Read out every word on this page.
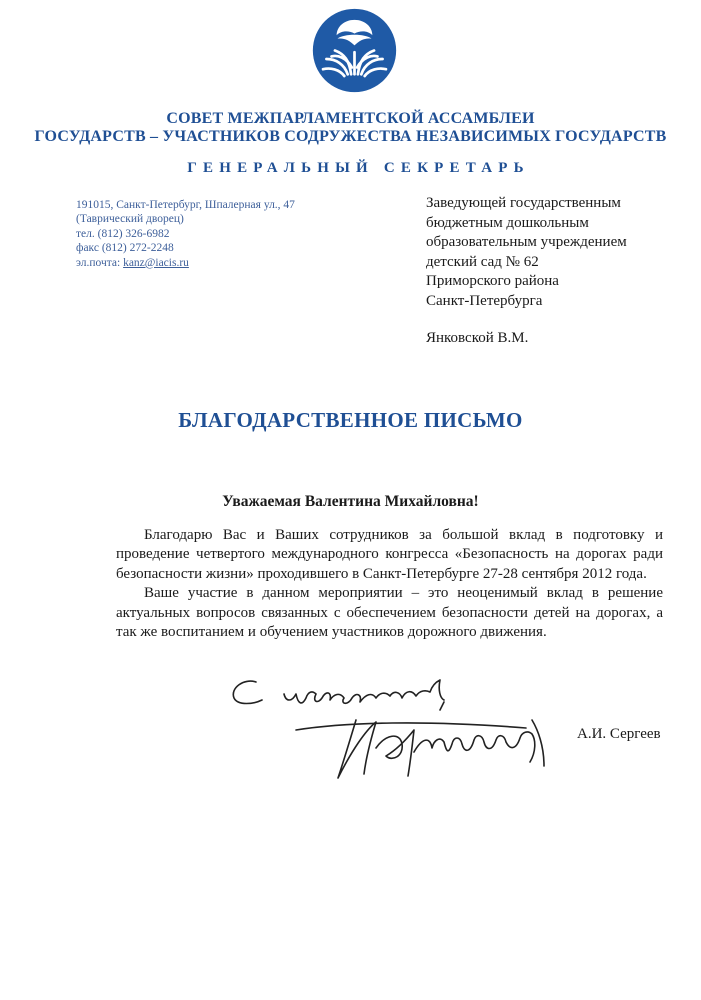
СОВЕТ МЕЖПАРЛАМЕНТСКОЙ АССАМБЛЕИ
ГОСУДАРСТВ – УЧАСТНИКОВ СОДРУЖЕСТВА НЕЗАВИСИМЫХ ГОСУДАРСТВ
ГЕНЕРАЛЬНЫЙ СЕКРЕТАРЬ
191015, Санкт-Петербург, Шпалерная ул., 47
(Таврический дворец)
тел. (812) 326-6982
факс (812) 272-2248
эл.почта: kanz@iacis.ru
Заведующей государственным
бюджетным дошкольным
образовательным учреждением
детский сад № 62
Приморского района
Санкт-Петербурга
Янковской В.М.
БЛАГОДАРСТВЕННОЕ ПИСЬМО
Уважаемая Валентина Михайловна!

Благодарю Вас и Ваших сотрудников за большой вклад в подготовку и проведение четвертого международного конгресса «Безопасность на дорогах ради безопасности жизни» проходившего в Санкт-Петербурге 27-28 сентября 2012 года.

Ваше участие в данном мероприятии – это неоценимый вклад в решение актуальных вопросов связанных с обеспечением безопасности детей на дорогах, а так же воспитанием и обучением участников дорожного движения.

А.И. Сергеев
